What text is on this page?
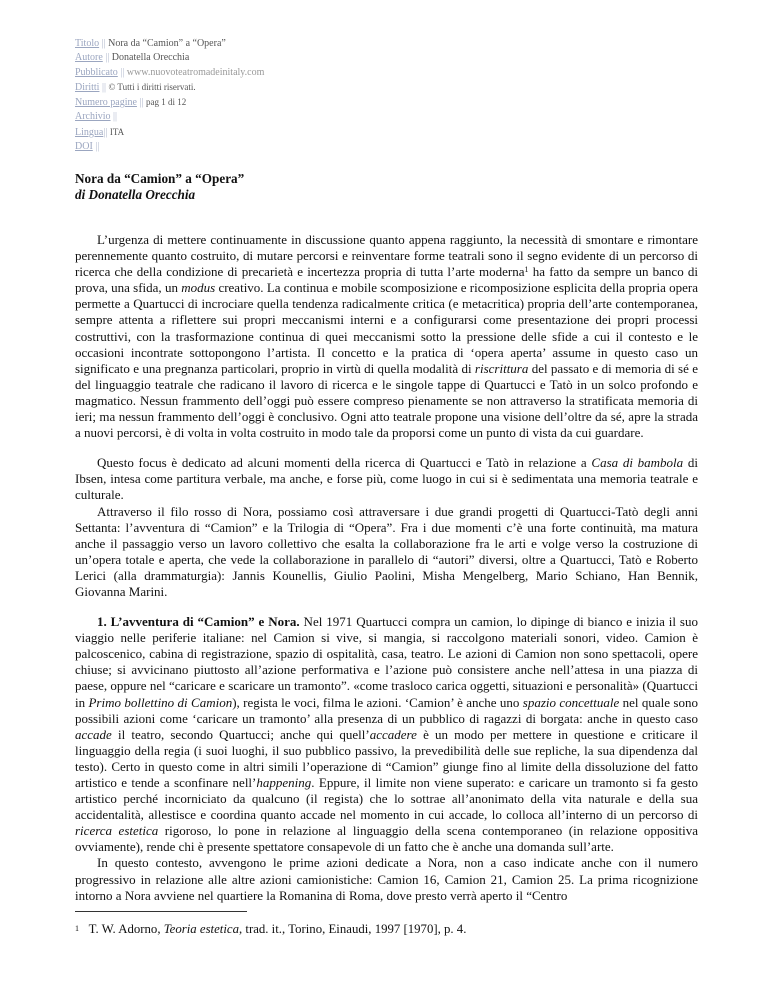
Titolo || Nora da “Camion” a “Opera”
Autore || Donatella Orecchia
Pubblicato || www.nuovoteatromadeinitaly.com
Diritti || © Tutti i diritti riservati.
Numero pagine || pag 1 di 12
Archivio ||
Lingua|| ITA
DOI ||
Nora da “Camion” a “Opera”
di Donatella Orecchia

L’urgenza di mettere continuamente in discussione quanto appena raggiunto, la necessità di smontare e rimontare perennemente quanto costruito, di mutare percorsi e reinventare forme teatrali sono il segno evidente di un percorso di ricerca che della condizione di precarietà e incertezza propria di tutta l’arte moderna$^1$ ha fatto da sempre un banco di prova, una sfida, un modus creativo. La continua e mobile scomposizione e ricomposizione esplicita della propria opera permette a Quartucci di incrociare quella tendenza radicalmente critica (e metacritica) propria dell’arte contemporanea, sempre attenta a riflettere sui propri meccanismi interni e a configurarsi come presentazione dei propri processi costruttivi, con la trasformazione continua di quei meccanismi sotto la pressione delle sfide a cui il contesto e le occasioni incontrate sottopongono l’artista. Il concetto e la pratica di ‘opera aperta’ assume in questo caso un significato e una pregnanza particolari, proprio in virtù di quella modalità di riscrittura del passato e di memoria di sé e del linguaggio teatrale che radicano il lavoro di ricerca e le singole tappe di Quartucci e Tatò in un solco profondo e magmatico. Nessun frammento dell’oggi può essere compreso pienamente se non attraverso la stratificata memoria di ieri; ma nessun frammento dell’oggi è conclusivo. Ogni atto teatrale propone una visione dell’oltre da sé, apre la strada a nuovi percorsi, è di volta in volta costruito in modo tale da proporsi come un punto di vista da cui guardare.

Questo focus è dedicato ad alcuni momenti della ricerca di Quartucci e Tatò in relazione a Casa di bambola di Ibsen, intesa come partitura verbale, ma anche, e forse più, come luogo in cui si è sedimentata una memoria teatrale e culturale.

Attraverso il filo rosso di Nora, possiamo così attraversare i due grandi progetti di Quartucci-Tatò degli anni Settanta: l’avventura di “Camion” e la Trilogia di “Opera”. Fra i due momenti c’è una forte continuità, ma matura anche il passaggio verso un lavoro collettivo che esalta la collaborazione fra le arti e volge verso la costruzione di un’opera totale e aperta, che vede la collaborazione in parallelo di “autori” diversi, oltre a Quartucci, Tatò e Roberto Lerici (alla drammaturgia): Jannis Kounellis, Giulio Paolini, Misha Mengelberg, Mario Schiano, Han Bennik, Giovanna Marini.

1. L’avventura di “Camion” e Nora. Nel 1971 Quartucci compra un camion, lo dipinge di bianco e inizia il suo viaggio nelle periferie italiane: nel Camion si vive, si mangia, si raccolgono materiali sonori, video. Camion è palcoscenico, cabina di registrazione, spazio di ospitalità, casa, teatro. Le azioni di Camion non sono spettacoli, opere chiuse; si avvicinano piuttosto all’azione performativa e l’azione può consistere anche nell’attesa in una piazza di paese, oppure nel “caricare e scaricare un tramonto”. «come trasloco carica oggetti, situazioni e personalità» (Quartucci in Primo bollettino di Camion), regista le voci, filma le azioni. ‘Camion’ è anche uno spazio concettuale nel quale sono possibili azioni come ‘caricare un tramonto’ alla presenza di un pubblico di ragazzi di borgata: anche in questo caso accade il teatro, secondo Quartucci; anche qui quell’accadere è un modo per mettere in questione e criticare il linguaggio della regia (i suoi luoghi, il suo pubblico passivo, la prevedibilità delle sue repliche, la sua dipendenza dal testo). Certo in questo come in altri simili l’operazione di “Camion” giunge fino al limite della dissoluzione del fatto artistico e tende a sconfinare nell’happening. Eppure, il limite non viene superato: e caricare un tramonto si fa gesto artistico perché incorniciato da qualcuno (il regista) che lo sottrae all’anonimato della vita naturale e della sua accidentalità, allestisce e coordina quanto accade nel momento in cui accade, lo colloca all’interno di un percorso di ricerca estetica rigoroso, lo pone in relazione al linguaggio della scena contemporaneo (in relazione oppositiva ovviamente), rende chi è presente spettatore consapevole di un fatto che è anche una domanda sull’arte.

In questo contesto, avvengono le prime azioni dedicate a Nora, non a caso indicate anche con il numero progressivo in relazione alle altre azioni camionistiche: Camion 16, Camion 21, Camion 25. La prima ricognizione intorno a Nora avviene nel quartiere la Romanina di Roma, dove presto verrà aperto il “Centro

$^1$ T. W. Adorno, Teoria estetica, trad. it., Torino, Einaudi, 1997 [1970], p. 4.
